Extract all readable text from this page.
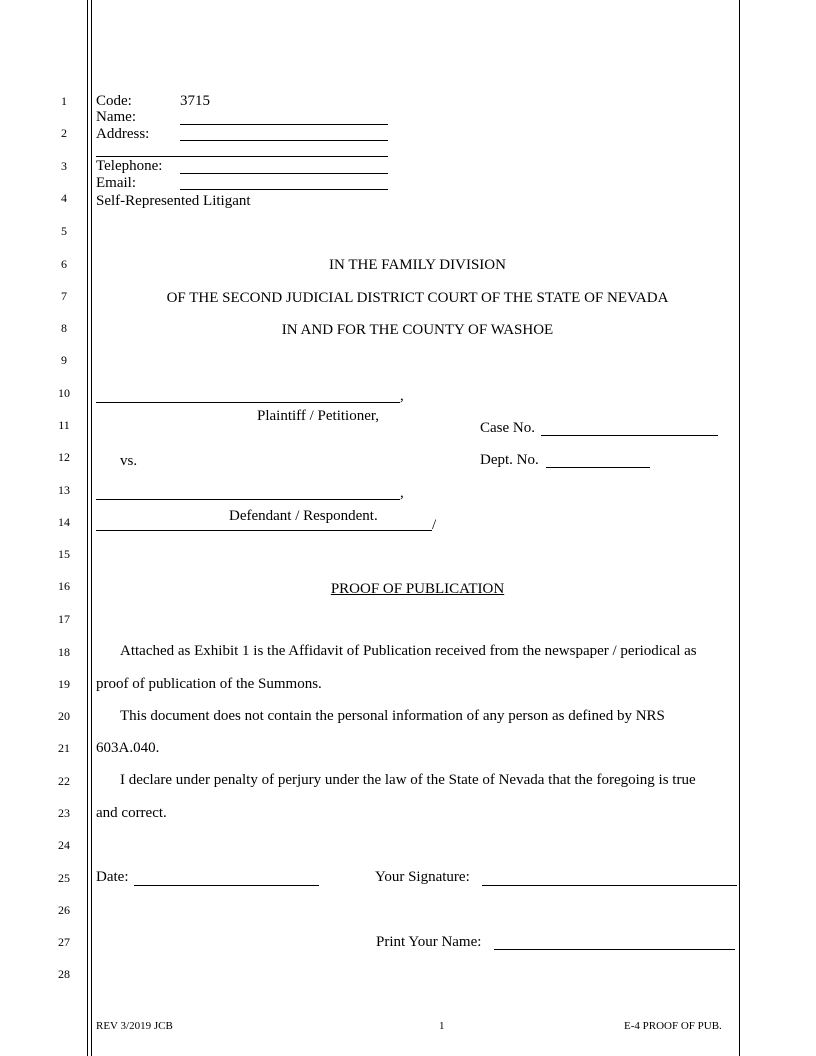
1
2
3
4
5
6
7
8
9
10
11
12
13
14
15
16
17
18
19
20
21
22
23
24
25
26
27
28
Code:	3715
Name:
Address:
Telephone:
Email:
Self-Represented Litigant
IN THE FAMILY DIVISION
OF THE SECOND JUDICIAL DISTRICT COURT OF THE STATE OF NEVADA
IN AND FOR THE COUNTY OF WASHOE
,
Plaintiff / Petitioner,
Case No.
vs.	Dept. No.
,
Defendant / Respondent.
/
PROOF OF PUBLICATION
Attached as Exhibit 1 is the Affidavit of Publication received from the newspaper / periodical as
proof of publication of the Summons.
This document does not contain the personal information of any person as defined by NRS
603A.040.
I declare under penalty of perjury under the law of the State of Nevada that the foregoing is true
and correct.
Date:	Your Signature:
Print Your Name:
REV 3/2019 JCB	1	E-4 PROOF OF PUB.
